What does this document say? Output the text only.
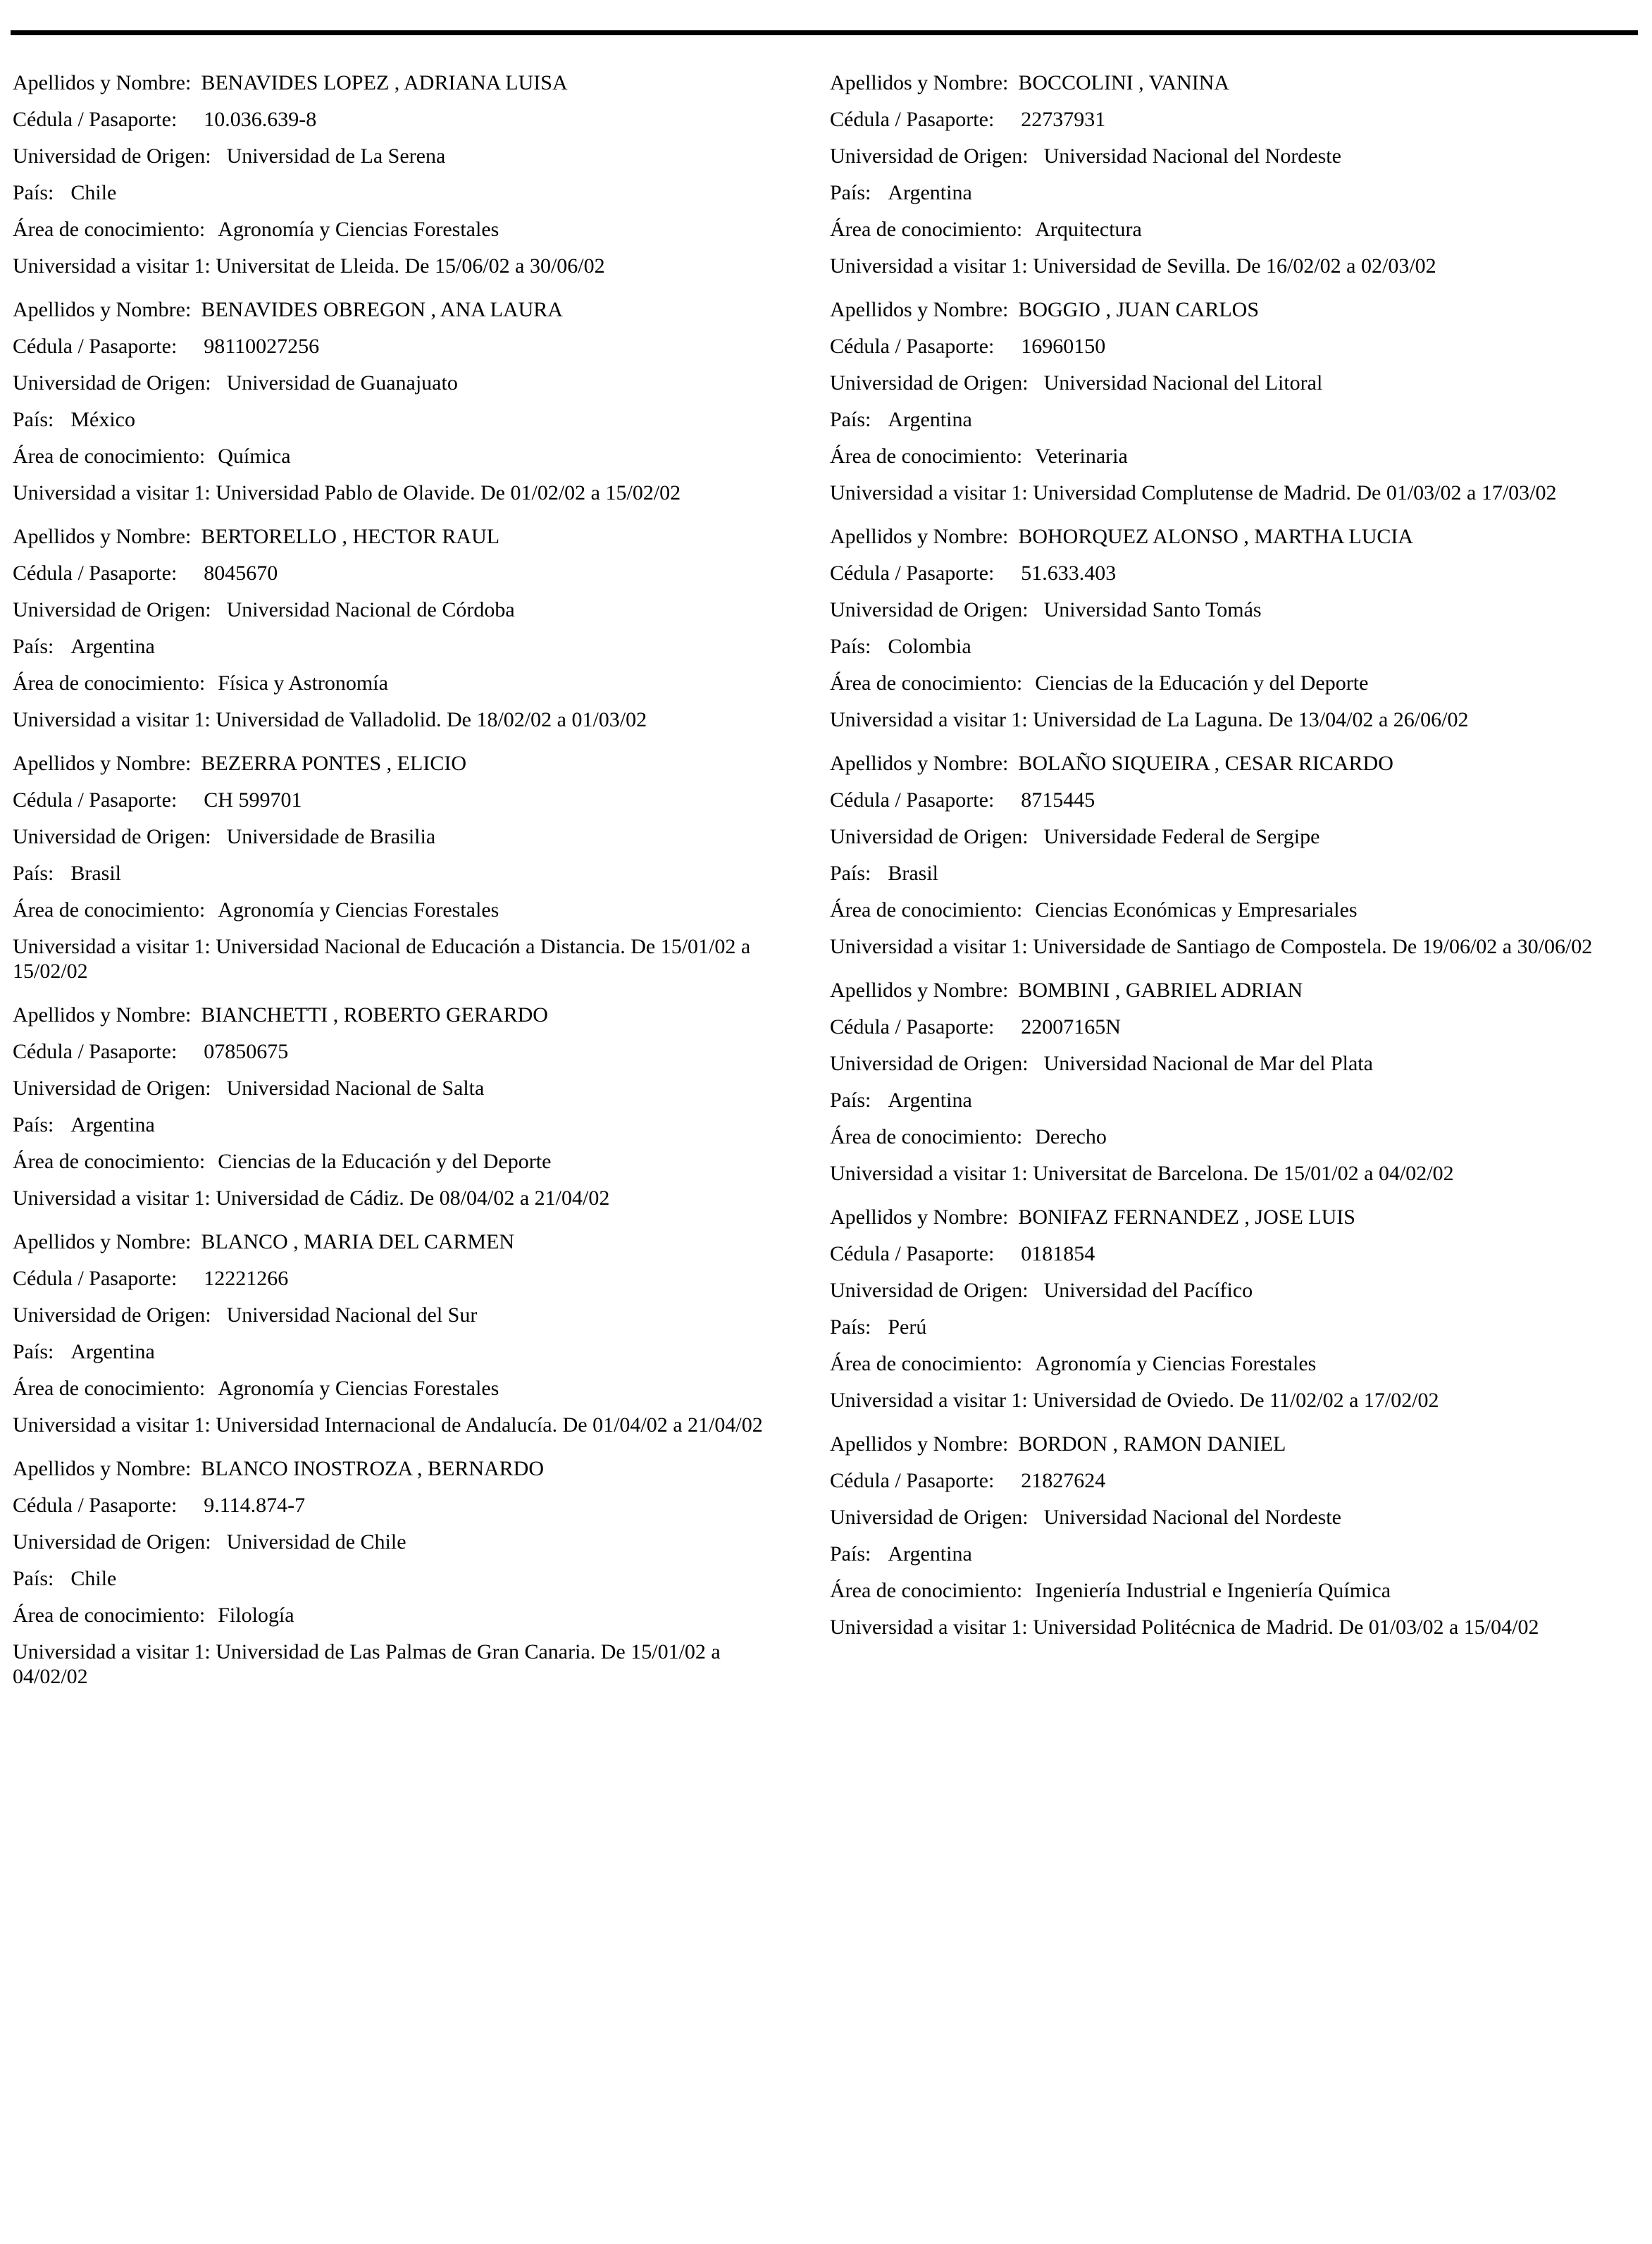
Apellidos y Nombre: BENAVIDES LOPEZ , ADRIANA LUISA
Cédula / Pasaporte: 10.036.639-8
Universidad de Origen: Universidad de La Serena
País: Chile
Área de conocimiento: Agronomía y Ciencias Forestales
Universidad a visitar 1: Universitat de Lleida. De 15/06/02 a 30/06/02
Apellidos y Nombre: BENAVIDES OBREGON , ANA LAURA
Cédula / Pasaporte: 98110027256
Universidad de Origen: Universidad de Guanajuato
País: México
Área de conocimiento: Química
Universidad a visitar 1: Universidad Pablo de Olavide. De 01/02/02 a 15/02/02
Apellidos y Nombre: BERTORELLO , HECTOR RAUL
Cédula / Pasaporte: 8045670
Universidad de Origen: Universidad Nacional de Córdoba
País: Argentina
Área de conocimiento: Física y Astronomía
Universidad a visitar 1: Universidad de Valladolid. De 18/02/02 a 01/03/02
Apellidos y Nombre: BEZERRA PONTES , ELICIO
Cédula / Pasaporte: CH 599701
Universidad de Origen: Universidade de Brasilia
País: Brasil
Área de conocimiento: Agronomía y Ciencias Forestales
Universidad a visitar 1: Universidad Nacional de Educación a Distancia. De 15/01/02 a 15/02/02
Apellidos y Nombre: BIANCHETTI , ROBERTO GERARDO
Cédula / Pasaporte: 07850675
Universidad de Origen: Universidad Nacional de Salta
País: Argentina
Área de conocimiento: Ciencias de la Educación y del Deporte
Universidad a visitar 1: Universidad de Cádiz. De 08/04/02 a 21/04/02
Apellidos y Nombre: BLANCO , MARIA DEL CARMEN
Cédula / Pasaporte: 12221266
Universidad de Origen: Universidad Nacional del Sur
País: Argentina
Área de conocimiento: Agronomía y Ciencias Forestales
Universidad a visitar 1: Universidad Internacional de Andalucía. De 01/04/02 a 21/04/02
Apellidos y Nombre: BLANCO INOSTROZA , BERNARDO
Cédula / Pasaporte: 9.114.874-7
Universidad de Origen: Universidad de Chile
País: Chile
Área de conocimiento: Filología
Universidad a visitar 1: Universidad de Las Palmas de Gran Canaria. De 15/01/02 a 04/02/02
Apellidos y Nombre: BOCCOLINI , VANINA
Cédula / Pasaporte: 22737931
Universidad de Origen: Universidad Nacional del Nordeste
País: Argentina
Área de conocimiento: Arquitectura
Universidad a visitar 1: Universidad de Sevilla. De 16/02/02 a 02/03/02
Apellidos y Nombre: BOGGIO , JUAN CARLOS
Cédula / Pasaporte: 16960150
Universidad de Origen: Universidad Nacional del Litoral
País: Argentina
Área de conocimiento: Veterinaria
Universidad a visitar 1: Universidad Complutense de Madrid. De 01/03/02 a 17/03/02
Apellidos y Nombre: BOHORQUEZ ALONSO , MARTHA LUCIA
Cédula / Pasaporte: 51.633.403
Universidad de Origen: Universidad Santo Tomás
País: Colombia
Área de conocimiento: Ciencias de la Educación y del Deporte
Universidad a visitar 1: Universidad de La Laguna. De 13/04/02 a 26/06/02
Apellidos y Nombre: BOLAÑO SIQUEIRA , CESAR RICARDO
Cédula / Pasaporte: 8715445
Universidad de Origen: Universidade Federal de Sergipe
País: Brasil
Área de conocimiento: Ciencias Económicas y Empresariales
Universidad a visitar 1: Universidade de Santiago de Compostela. De 19/06/02 a 30/06/02
Apellidos y Nombre: BOMBINI , GABRIEL ADRIAN
Cédula / Pasaporte: 22007165N
Universidad de Origen: Universidad Nacional de Mar del Plata
País: Argentina
Área de conocimiento: Derecho
Universidad a visitar 1: Universitat de Barcelona. De 15/01/02 a 04/02/02
Apellidos y Nombre: BONIFAZ FERNANDEZ , JOSE LUIS
Cédula / Pasaporte: 0181854
Universidad de Origen: Universidad del Pacífico
País: Perú
Área de conocimiento: Agronomía y Ciencias Forestales
Universidad a visitar 1: Universidad de Oviedo. De 11/02/02 a 17/02/02
Apellidos y Nombre: BORDON , RAMON DANIEL
Cédula / Pasaporte: 21827624
Universidad de Origen: Universidad Nacional del Nordeste
País: Argentina
Área de conocimiento: Ingeniería Industrial e Ingeniería Química
Universidad a visitar 1: Universidad Politécnica de Madrid. De 01/03/02 a 15/04/02
